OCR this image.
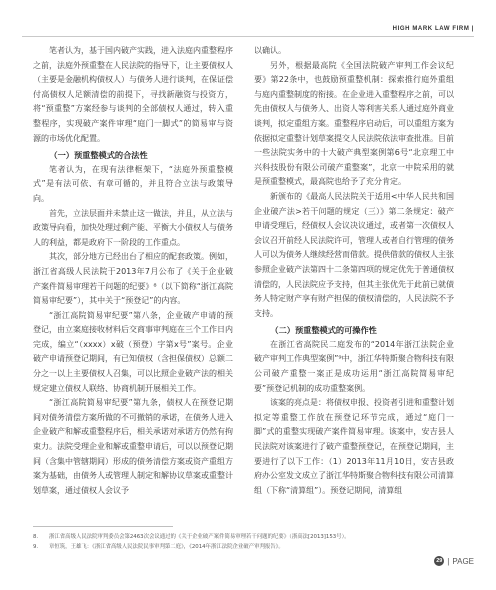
HIGH MARK LAW FIRM |

笔者认为，基于国内破产实践，进入法庭内重整程序之前，法庭外预重整在人民法院的指导下，让主要债权人（主要是金融机构债权人）与债务人进行谈判，在保证偿付高债权人足额清偿的前提下，寻找新融资与投资方，将“预重整”方案经参与谈判的全部债权人通过，转入重整程序，实现破产案件审理“庭门一脚式”的简易审与资源的市场优化配置。

（一）预重整模式的合法性

笔者认为，在现有法律框架下，“法庭外预重整模式”是有法可依、有章可循的，并且符合立法与政策导向。

首先，立法层面并未禁止这一做法，并且，从立法与政策导向看，加快处理过剩产能、平衡大小债权人与债务人的利益，都是政府下一阶段的工作重点。

其次，部分地方已经出台了相应的配套政策。例如，浙江省高级人民法院于2013年7月公布了《关于企业破产案件简易审理若干问题的纪要》⁸（以下简称“浙江高院简易审纪要”），其中关于“预登记”的内容。

“浙江高院简易审纪要”第八条，企业破产申请的预登记，由立案庭接收材料后交商事审判庭在三个工作日内完成，编立“（xxxx）x破（预登）字第x号”案号。企业破产申请预登记期间，有已知债权（含担保债权）总额二分之一以上主要债权人召集，可以比照企业破产法的相关规定建立债权人联络、协商机制开展相关工作。

“浙江高院简易审纪要”第九条，债权人在预登记期间对债务清偿方案所做的不可撤销的承诺，在债务人进入企业破产和解或重整程序后，相关承诺对承诺方仍然有拘束力。法院受理企业和解或重整申请后，可以以预登记期间（含集中管辖期间）形成的债务清偿方案或资产重组方案为基础，由债务人或管理人制定和解协议草案或重整计划草案，通过债权人会议予

以确认。

另外，根据最高院《全国法院破产审判工作会议纪要》第22条中，也鼓励预重整机制：探索推行庭外重组与庭内重整制度的衔接。在企业进入重整程序之前，可以先由债权人与债务人、出资人等利害关系人通过庭外商业谈判，拟定重组方案。重整程序启动后，可以重组方案为依据拟定重整计划草案提交人民法院依法审查批准。目前一些法院实务中的十大破产典型案例第6号“北京理工中兴科技股份有限公司破产重整案”，北京一中院采用的就是预重整模式，最高院也给予了充分肯定。

新颁布的《最高人民法院关于适用<中华人民共和国企业破产法>若干问题的规定（三）》第二条规定：破产申请受理后，经债权人会议决议通过，或者第一次债权人会议召开前经人民法院许可，管理人或者自行管理的债务人可以为债务人继续经营而借款。提供借款的债权人主张参照企业破产法第四十二条第四项的规定优先于普通债权清偿的，人民法院应予支持，但其主张优先于此前已就债务人特定财产享有财产担保的债权清偿的，人民法院不予支持。

（二）预重整模式的可操作性

在浙江省高院民二庭发布的“2014年浙江法院企业破产审判工作典型案例”⁹中，浙江华特斯聚合物科技有限公司破产重整一案正是成功运用“浙江高院简易审纪要”预登记机制的成功重整案例。

该案的亮点是：将债权申报、投资者引进和重整计划拟定等重整工作放在预登记环节完成，通过“庭门一脚”式的重整实现破产案件简易审理。该案中，安吉县人民法院对该案进行了破产重整预登记，在预登记期间，主要进行了以下工作：（1）2013年11月10日，安吉县政府办公室发文成立了浙江华特斯聚合物科技有限公司清算组（下称“清算组”）。预登记期间，清算组

8. 浙江省高级人民法院审判委员会第2463次会议通过的《关于企业破产案件简易审理若干问题的纪要》（浙高法[2013]153号）。
9. 章恒筑，王雄飞：《浙江省高级人民法院民事审判第二庭》，《2014年浙江法院企业破产审判报告》。
29 | PAGE
